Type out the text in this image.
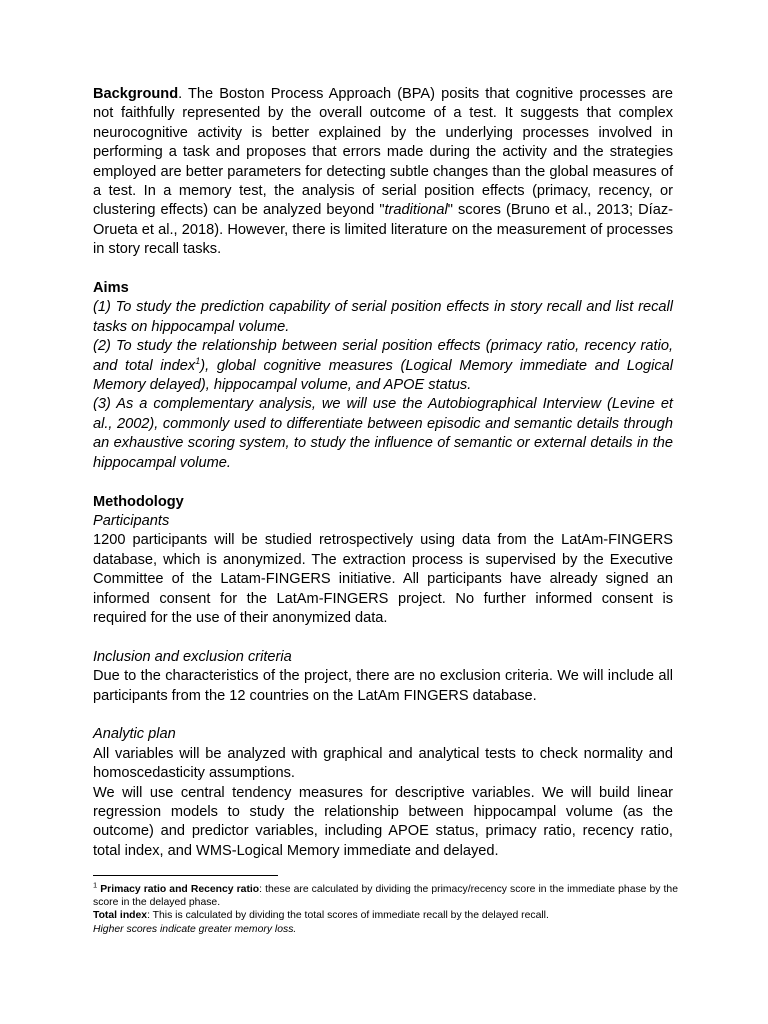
Background. The Boston Process Approach (BPA) posits that cognitive processes are not faithfully represented by the overall outcome of a test. It suggests that complex neurocognitive activity is better explained by the underlying processes involved in performing a task and proposes that errors made during the activity and the strategies employed are better parameters for detecting subtle changes than the global measures of a test. In a memory test, the analysis of serial position effects (primacy, recency, or clustering effects) can be analyzed beyond "traditional" scores (Bruno et al., 2013; Díaz-Orueta et al., 2018). However, there is limited literature on the measurement of processes in story recall tasks.

Aims

(1) To study the prediction capability of serial position effects in story recall and list recall tasks on hippocampal volume.

(2) To study the relationship between serial position effects (primacy ratio, recency ratio, and total index$^1$), global cognitive measures (Logical Memory immediate and Logical Memory delayed), hippocampal volume, and APOE status.

(3) As a complementary analysis, we will use the Autobiographical Interview (Levine et al., 2002), commonly used to differentiate between episodic and semantic details through an exhaustive scoring system, to study the influence of semantic or external details in the hippocampal volume.

Methodology

Participants

1200 participants will be studied retrospectively using data from the LatAm-FINGERS database, which is anonymized. The extraction process is supervised by the Executive Committee of the Latam-FINGERS initiative. All participants have already signed an informed consent for the LatAm-FINGERS project. No further informed consent is required for the use of their anonymized data.

Inclusion and exclusion criteria

Due to the characteristics of the project, there are no exclusion criteria. We will include all participants from the 12 countries on the LatAm FINGERS database.

Analytic plan

All variables will be analyzed with graphical and analytical tests to check normality and homoscedasticity assumptions.

We will use central tendency measures for descriptive variables. We will build linear regression models to study the relationship between hippocampal volume (as the outcome) and predictor variables, including APOE status, primacy ratio, recency ratio, total index, and WMS-Logical Memory immediate and delayed.

$^1$ Primacy ratio and Recency ratio: these are calculated by dividing the primacy/recency score in the immediate phase by the score in the delayed phase.

Total index: This is calculated by dividing the total scores of immediate recall by the delayed recall.

Higher scores indicate greater memory loss.
